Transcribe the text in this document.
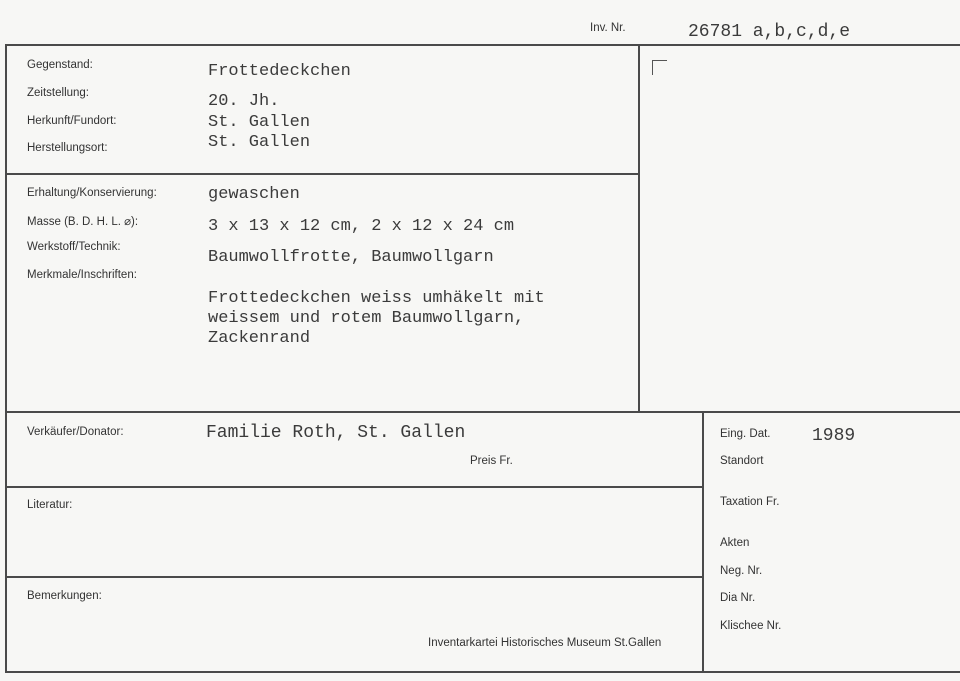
Inv. Nr.	26781 a,b,c,d,e
Gegenstand:	Frottedeckchen
Zeitstellung:	20. Jh.
Herkunft/Fundort:	St. Gallen
Herstellungsort:	St. Gallen
Erhaltung/Konservierung:	gewaschen
Masse (B. D. H. L. ⌀):	3 x 13 x 12 cm, 2 x 12 x 24 cm
Werkstoff/Technik:
Baumwollfrotte, Baumwollgarn
Merkmale/Inschriften:
Frottedeckchen weiss umhäkelt mit
weissem und rotem Baumwollgarn,
Zackenrand
Verkäufer/Donator:	Familie Roth, St. Gallen
Preis Fr.
Literatur:
Bemerkungen:
Inventarkartei Historisches Museum St.Gallen
Eing. Dat. 1989
Standort
Taxation Fr.
Akten
Neg. Nr.
Dia Nr.
Klischee Nr.
